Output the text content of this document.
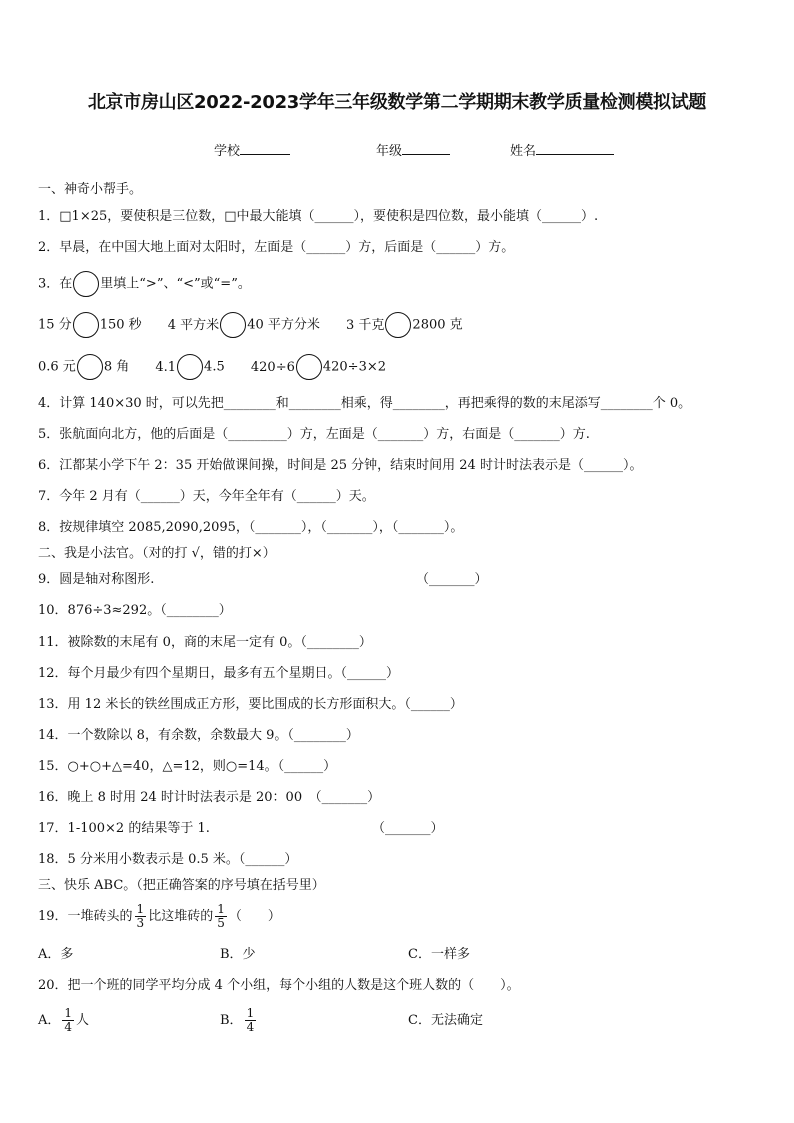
北京市房山区2022-2023学年三年级数学第二学期期末教学质量检测模拟试题
学校	年级	姓名
一、神奇小帮手。
1．□1×25，要使积是三位数，□中最大能填（______），要使积是四位数，最小能填（______）.
2．早晨，在中国大地上面对太阳时，左面是（______）方，后面是（______）方。
3．在 里填上“>”、“<”或“=”。
15 分 150 秒 4 平方米 40 平方分米 3 千克 2800 克
0.6 元 8 角 4.1 4.5 420÷6 420÷3×2
4．计算 140×30 时，可以先把________和________相乘，得________，再把乘得的数的末尾添写________个 0。
5．张航面向北方，他的后面是（_________）方，左面是（_______）方，右面是（_______）方.
6．江都某小学下午 2：35 开始做课间操，时间是 25 分钟，结束时间用 24 时计时法表示是（______）。
7．今年 2 月有（______）天，今年全年有（______）天。
8．按规律填空 2085,2090,2095，（_______），（_______），（_______）。
二、我是小法官。（对的打 √，错的打×）
9．圆是轴对称图形.	（_______）
10．876÷3≈292。（________）
11．被除数的末尾有 0，商的末尾一定有 0。（________）
12．每个月最少有四个星期日，最多有五个星期日。（______）
13．用 12 米长的铁丝围成正方形，要比围成的长方形面积大。（______）
14．一个数除以 8，有余数，余数最大 9。（________）
15．○+○+△=40，△=12，则○=14。（______）
16．晚上 8 时用 24 时计时法表示是 20：00　（_______）
17．1-100×2 的结果等于 1.	（_______）
18．5 分米用小数表示是 0.5 米。（______）
三、快乐 ABC。（把正确答案的序号填在括号里）
19．一堆砖头的 $\frac{1}{3}$ 比这堆砖的 $\frac{1}{5}$ （　　）
A．多	B．少	C．一样多
20．把一个班的同学平均分成 4 个小组，每个小组的人数是这个班人数的（　　）。
A． $\frac{1}{4}$ 人	B． $\frac{1}{4}$	C．无法确定
